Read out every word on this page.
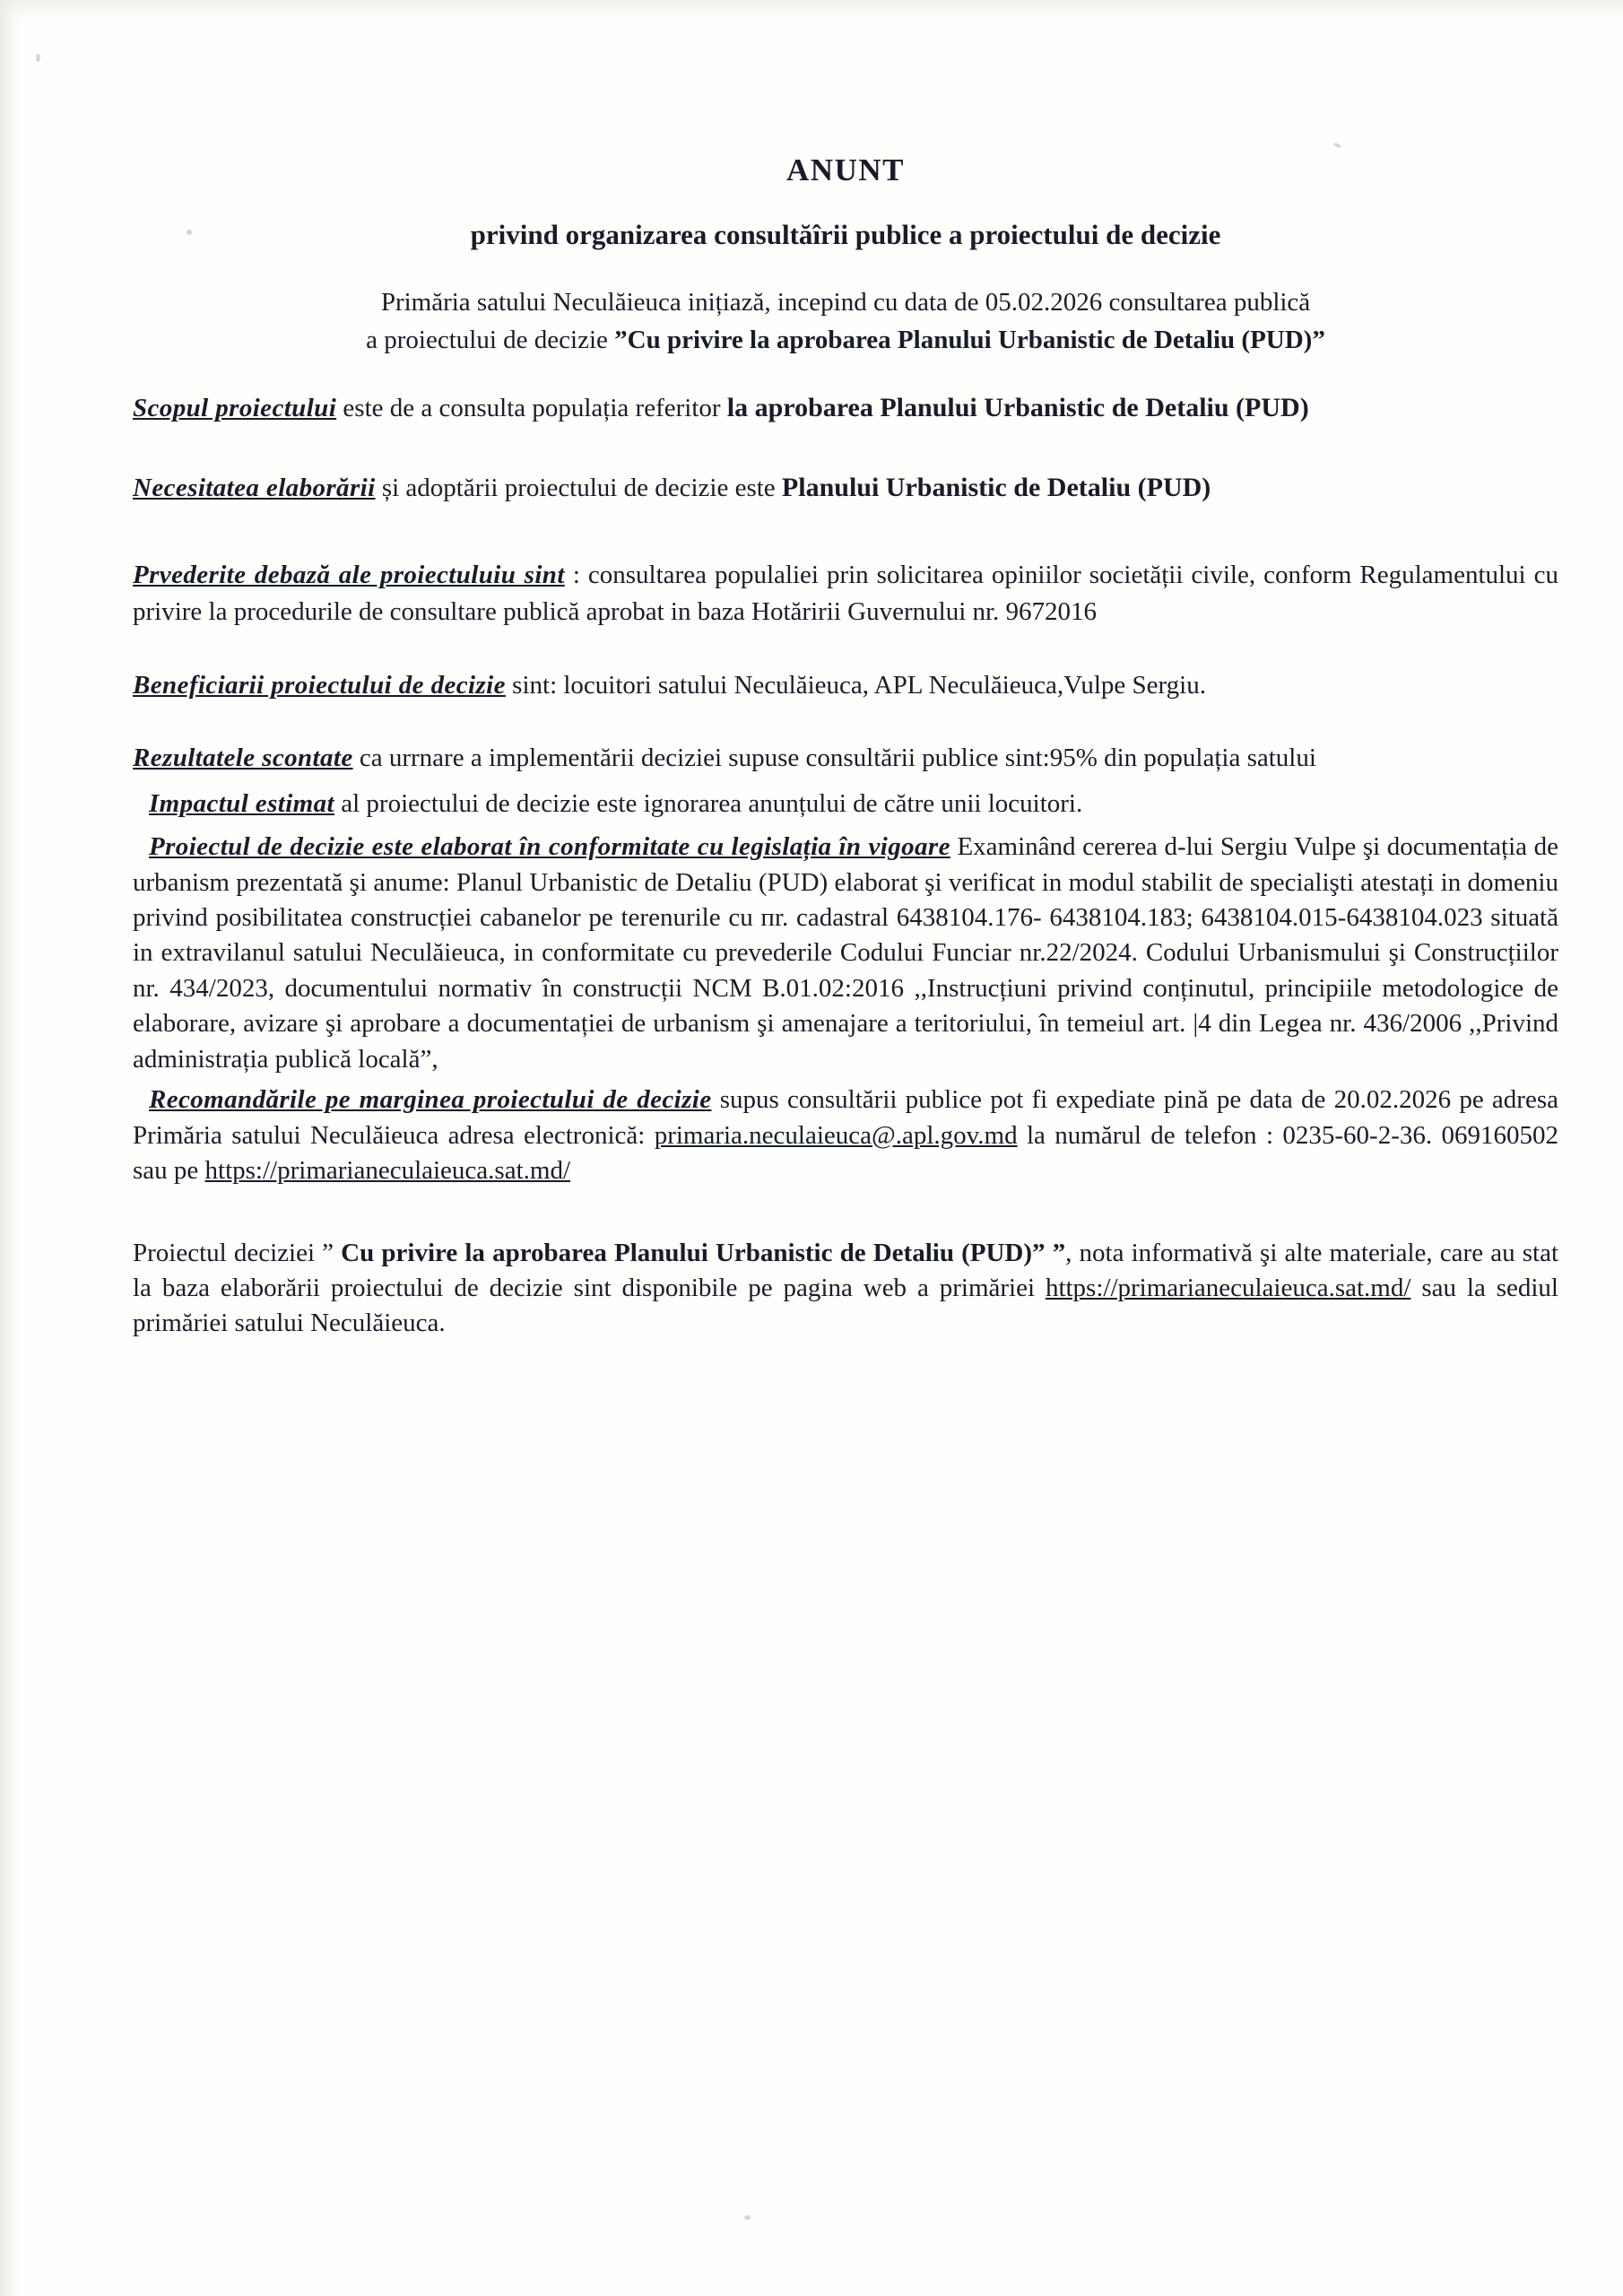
ANUNT
privind organizarea consultăîrii publice a proiectului de decizie
Primăria satului Neculăieuca inițiază, incepind cu data de 05.02.2026 consultarea publică
a proiectului de decizie ”Cu privire la aprobarea Planului Urbanistic de Detaliu (PUD)”

Scopul proiectului este de a consulta populația referitor la aprobarea Planului Urbanistic de Detaliu (PUD)

Necesitatea elaborării și adoptării proiectului de decizie este Planului Urbanistic de Detaliu (PUD)

Prvederite debază ale proiectuluiu sint : consultarea populaliei prin solicitarea opiniilor societății civile, conform Regulamentului cu privire la procedurile de consultare publică aprobat in baza Hotăririi Guvernului nr. 9672016

Beneficiarii proiectului de decizie sint: locuitori satului Neculăieuca, APL Neculăieuca,Vulpe Sergiu.

Rezultatele scontate ca urrnare a implementării deciziei supuse consultării publice sint:95% din populația satului

Impactul estimat al proiectului de decizie este ignorarea anunțului de către unii locuitori.

Proiectul de decizie este elaborat în conformitate cu legislația în vigoare Examinând cererea d-lui Sergiu Vulpe şi documentația de urbanism prezentată şi anume: Planul Urbanistic de Detaliu (PUD) elaborat şi verificat in modul stabilit de specialişti atestați in domeniu privind posibilitatea construcției cabanelor pe terenurile cu пr. cadastral 6438104.176- 6438104.183; 6438104.015-6438104.023 situată in extravilanul satului Neculăieuca, in conformitate cu prevederile Codului Funciar nr.22/2024. Codului Urbanismului şi Construcțiilor nr. 434/2023, documentului normativ în construcții NCM B.01.02:2016 ,,Instrucțiuni privind conținutul, principiile metodologice de elaborare, avizare şi aprobare a documentației de urbanism şi amenajare a teritoriului, în temeiul art. |4 din Legea nr. 436/2006 ,,Privind administrația publică locală”,

Recomandările pe marginea proiectului de decizie supus consultării publice pot fi expediate pină pe data de 20.02.2026 pe adresa Primăria satului Neculăieuca adresa electronică: primaria.neculaieuca@.apl.gov.md la numărul de telefon : 0235-60-2-36. 069160502 sau pe https://primarianeculaieuca.sat.md/

Proiectul deciziei ” Cu privire la aprobarea Planului Urbanistic de Detaliu (PUD)” ”, nota informativă şi alte materiale, care au stat la baza elaborării proiectului de decizie sint disponibile pe pagina web a primăriei https://primarianeculaieuca.sat.md/ sau la sediul primăriei satului Neculăieuca.
